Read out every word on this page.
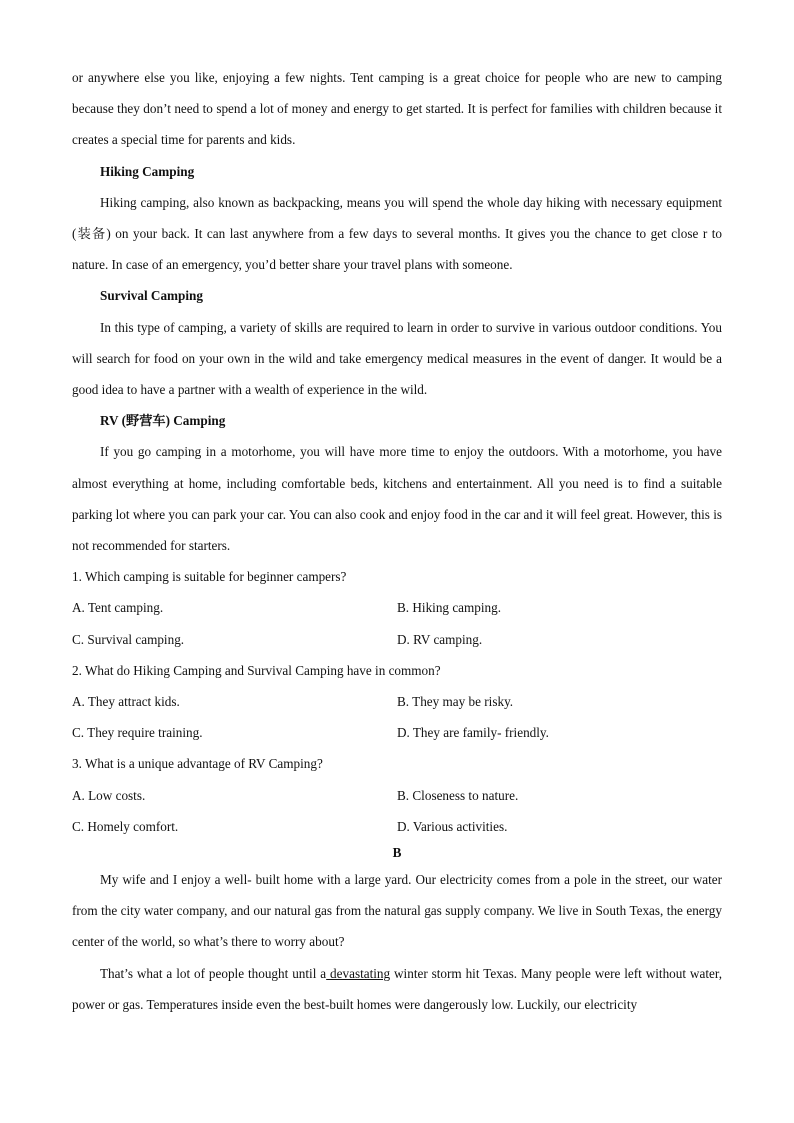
or anywhere else you like, enjoying a few nights. Tent camping is a great choice for people who are new to camping because they don’t need to spend a lot of money and energy to get started. It is perfect for families with children because it creates a special time for parents and kids.

Hiking Camping

Hiking camping, also known as backpacking, means you will spend the whole day hiking with necessary equipment (装备) on your back. It can last anywhere from a few days to several months. It gives you the chance to get close r to nature. In case of an emergency, you’d better share your travel plans with someone.

Survival Camping

In this type of camping, a variety of skills are required to learn in order to survive in various outdoor conditions. You will search for food on your own in the wild and take emergency medical measures in the event of danger. It would be a good idea to have a partner with a wealth of experience in the wild.

RV (野营车) Camping

If you go camping in a motorhome, you will have more time to enjoy the outdoors. With a motorhome, you have almost everything at home, including comfortable beds, kitchens and entertainment. All you need is to find a suitable parking lot where you can park your car. You can also cook and enjoy food in the car and it will feel great. However, this is not recommended for starters.

1. Which camping is suitable for beginner campers?

A. Tent camping.	B. Hiking camping.
C. Survival camping.	D. RV camping.

2. What do Hiking Camping and Survival Camping have in common?

A. They attract kids.	B. They may be risky.
C. They require training.	D. They are family- friendly.

3. What is a unique advantage of RV Camping?

A. Low costs.	B. Closeness to nature.
C. Homely comfort.	D. Various activities.

B

My wife and I enjoy a well- built home with a large yard. Our electricity comes from a pole in the street, our water from the city water company, and our natural gas from the natural gas supply company. We live in South Texas, the energy center of the world, so what’s there to worry about?

That’s what a lot of people thought until a devastating winter storm hit Texas. Many people were left without water, power or gas. Temperatures inside even the best-built homes were dangerously low. Luckily, our electricity
